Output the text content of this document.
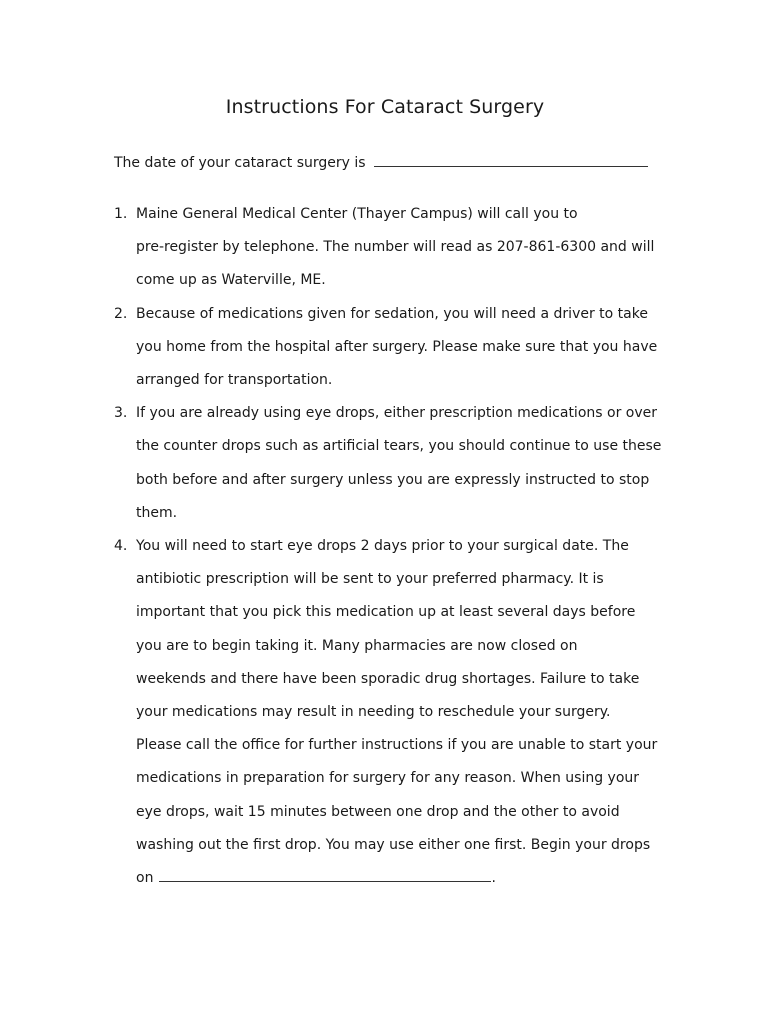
Instructions For Cataract Surgery
The date of your cataract surgery is
1. Maine General Medical Center (Thayer Campus) will call you to
pre-register by telephone. The number will read as 207-861-6300 and will
come up as Waterville, ME.
2. Because of medications given for sedation, you will need a driver to take
you home from the hospital after surgery. Please make sure that you have
arranged for transportation.
3. If you are already using eye drops, either prescription medications or over
the counter drops such as artificial tears, you should continue to use these
both before and after surgery unless you are expressly instructed to stop
them.
4. You will need to start eye drops 2 days prior to your surgical date. The
antibiotic prescription will be sent to your preferred pharmacy. It is
important that you pick this medication up at least several days before
you are to begin taking it. Many pharmacies are now closed on
weekends and there have been sporadic drug shortages. Failure to take
your medications may result in needing to reschedule your surgery.
Please call the office for further instructions if you are unable to start your
medications in preparation for surgery for any reason. When using your
eye drops, wait 15 minutes between one drop and the other to avoid
washing out the first drop. You may use either one first. Begin your drops
on	.
